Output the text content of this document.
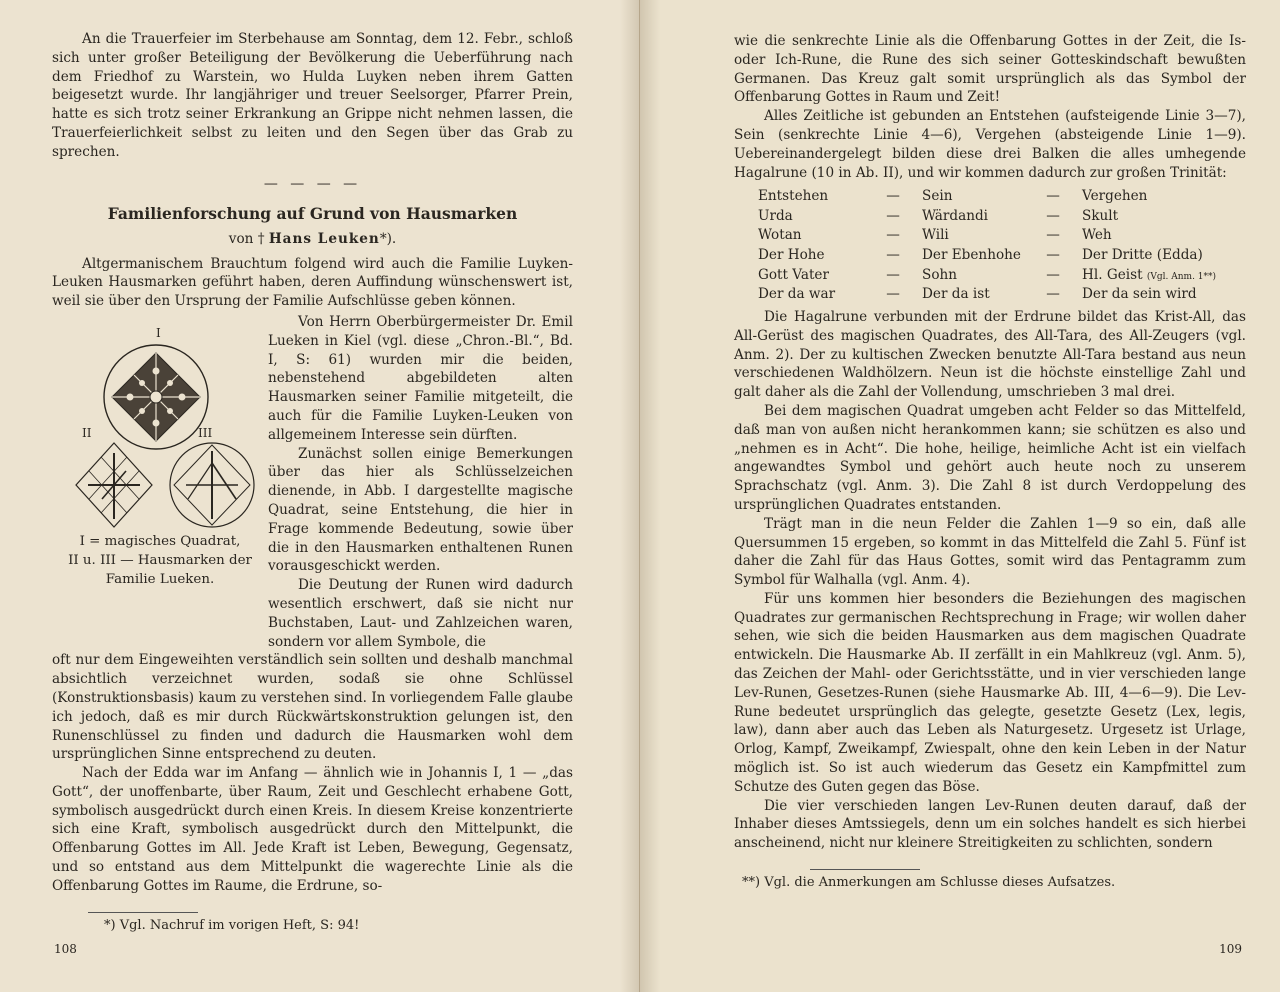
An die Trauerfeier im Sterbehause am Sonntag, dem 12. Febr., schloß sich unter großer Beteiligung der Bevölkerung die Ueberführung nach dem Friedhof zu Warstein, wo Hulda Luyken neben ihrem Gatten beigesetzt wurde. Ihr langjähriger und treuer Seelsorger, Pfarrer Prein, hatte es sich trotz seiner Erkrankung an Grippe nicht nehmen lassen, die Trauerfeierlichkeit selbst zu leiten und den Segen über das Grab zu sprechen.

— — — —
Familienforschung auf Grund von Hausmarken
von † Hans Leuken*).

Altgermanischem Brauchtum folgend wird auch die Familie Luyken-Leuken Hausmarken geführt haben, deren Auffindung wünschenswert ist, weil sie über den Ursprung der Familie Aufschlüsse geben können.

I
II	III
I = magisches Quadrat,
II u. III — Hausmarken der
Familie Lueken.

Von Herrn Oberbürgermeister Dr. Emil Lueken in Kiel (vgl. diese „Chron.-Bl.“, Bd. I, S: 61) wurden mir die beiden, nebenstehend abgebildeten alten Hausmarken seiner Familie mitgeteilt, die auch für die Familie Luyken-Leuken von allgemeinem Interesse sein dürften.

Zunächst sollen einige Bemerkungen über das hier als Schlüsselzeichen dienende, in Abb. I dargestellte magische Quadrat, seine Entstehung, die hier in Frage kommende Bedeutung, sowie über die in den Hausmarken enthaltenen Runen vorausgeschickt werden.

Die Deutung der Runen wird dadurch wesentlich erschwert, daß sie nicht nur Buchstaben, Laut- und Zahlzeichen waren, sondern vor allem Symbole, die

oft nur dem Eingeweihten verständlich sein sollten und deshalb manchmal absichtlich verzeichnet wurden, sodaß sie ohne Schlüssel (Konstruktionsbasis) kaum zu verstehen sind. In vorliegendem Falle glaube ich jedoch, daß es mir durch Rückwärtskonstruktion gelungen ist, den Runenschlüssel zu finden und dadurch die Hausmarken wohl dem ursprünglichen Sinne entsprechend zu deuten.

Nach der Edda war im Anfang — ähnlich wie in Johannis I, 1 — „das Gott“, der unoffenbarte, über Raum, Zeit und Geschlecht erhabene Gott, symbolisch ausgedrückt durch einen Kreis. In diesem Kreise konzentrierte sich eine Kraft, symbolisch ausgedrückt durch den Mittelpunkt, die Offenbarung Gottes im All. Jede Kraft ist Leben, Bewegung, Gegensatz, und so entstand aus dem Mittelpunkt die wagerechte Linie als die Offenbarung Gottes im Raume, die Erdrune, so-

*) Vgl. Nachruf im vorigen Heft, S: 94!
108

wie die senkrechte Linie als die Offenbarung Gottes in der Zeit, die Is- oder Ich-Rune, die Rune des sich seiner Gotteskindschaft bewußten Germanen. Das Kreuz galt somit ursprünglich als das Symbol der Offenbarung Gottes in Raum und Zeit!

Alles Zeitliche ist gebunden an Entstehen (aufsteigende Linie 3—7), Sein (senkrechte Linie 4—6), Vergehen (absteigende Linie 1—9). Uebereinandergelegt bilden diese drei Balken die alles umhegende Hagalrune (10 in Ab. II), und wir kommen dadurch zur großen Trinität:

Entstehen	—	Sein	—	Vergehen
Urda	—	Wärdandi	—	Skult
Wotan	—	Wili	—	Weh
Der Hohe	—	Der Ebenhohe	—	Der Dritte (Edda)
Gott Vater	—	Sohn	—	Hl. Geist (Vgl. Anm. 1**)
Der da war	—	Der da ist	—	Der da sein wird

Die Hagalrune verbunden mit der Erdrune bildet das Krist-All, das All-Gerüst des magischen Quadrates, des All-Tara, des All-Zeugers (vgl. Anm. 2). Der zu kultischen Zwecken benutzte All-Tara bestand aus neun verschiedenen Waldhölzern. Neun ist die höchste einstellige Zahl und galt daher als die Zahl der Vollendung, umschrieben 3 mal drei.

Bei dem magischen Quadrat umgeben acht Felder so das Mittelfeld, daß man von außen nicht herankommen kann; sie schützen es also und „nehmen es in Acht“. Die hohe, heilige, heimliche Acht ist ein vielfach angewandtes Symbol und gehört auch heute noch zu unserem Sprachschatz (vgl. Anm. 3). Die Zahl 8 ist durch Verdoppelung des ursprünglichen Quadrates entstanden.

Trägt man in die neun Felder die Zahlen 1—9 so ein, daß alle Quersummen 15 ergeben, so kommt in das Mittelfeld die Zahl 5. Fünf ist daher die Zahl für das Haus Gottes, somit wird das Pentagramm zum Symbol für Walhalla (vgl. Anm. 4).

Für uns kommen hier besonders die Beziehungen des magischen Quadrates zur germanischen Rechtsprechung in Frage; wir wollen daher sehen, wie sich die beiden Hausmarken aus dem magischen Quadrate entwickeln. Die Hausmarke Ab. II zerfällt in ein Mahlkreuz (vgl. Anm. 5), das Zeichen der Mahl- oder Gerichtsstätte, und in vier verschieden lange Lev-Runen, Gesetzes-Runen (siehe Hausmarke Ab. III, 4—6—9). Die Lev-Rune bedeutet ursprünglich das gelegte, gesetzte Gesetz (Lex, legis, law), dann aber auch das Leben als Naturgesetz. Urgesetz ist Urlage, Orlog, Kampf, Zweikampf, Zwiespalt, ohne den kein Leben in der Natur möglich ist. So ist auch wiederum das Gesetz ein Kampfmittel zum Schutze des Guten gegen das Böse.

Die vier verschieden langen Lev-Runen deuten darauf, daß der Inhaber dieses Amtssiegels, denn um ein solches handelt es sich hierbei anscheinend, nicht nur kleinere Streitigkeiten zu schlichten, sondern

**) Vgl. die Anmerkungen am Schlusse dieses Aufsatzes.
109
